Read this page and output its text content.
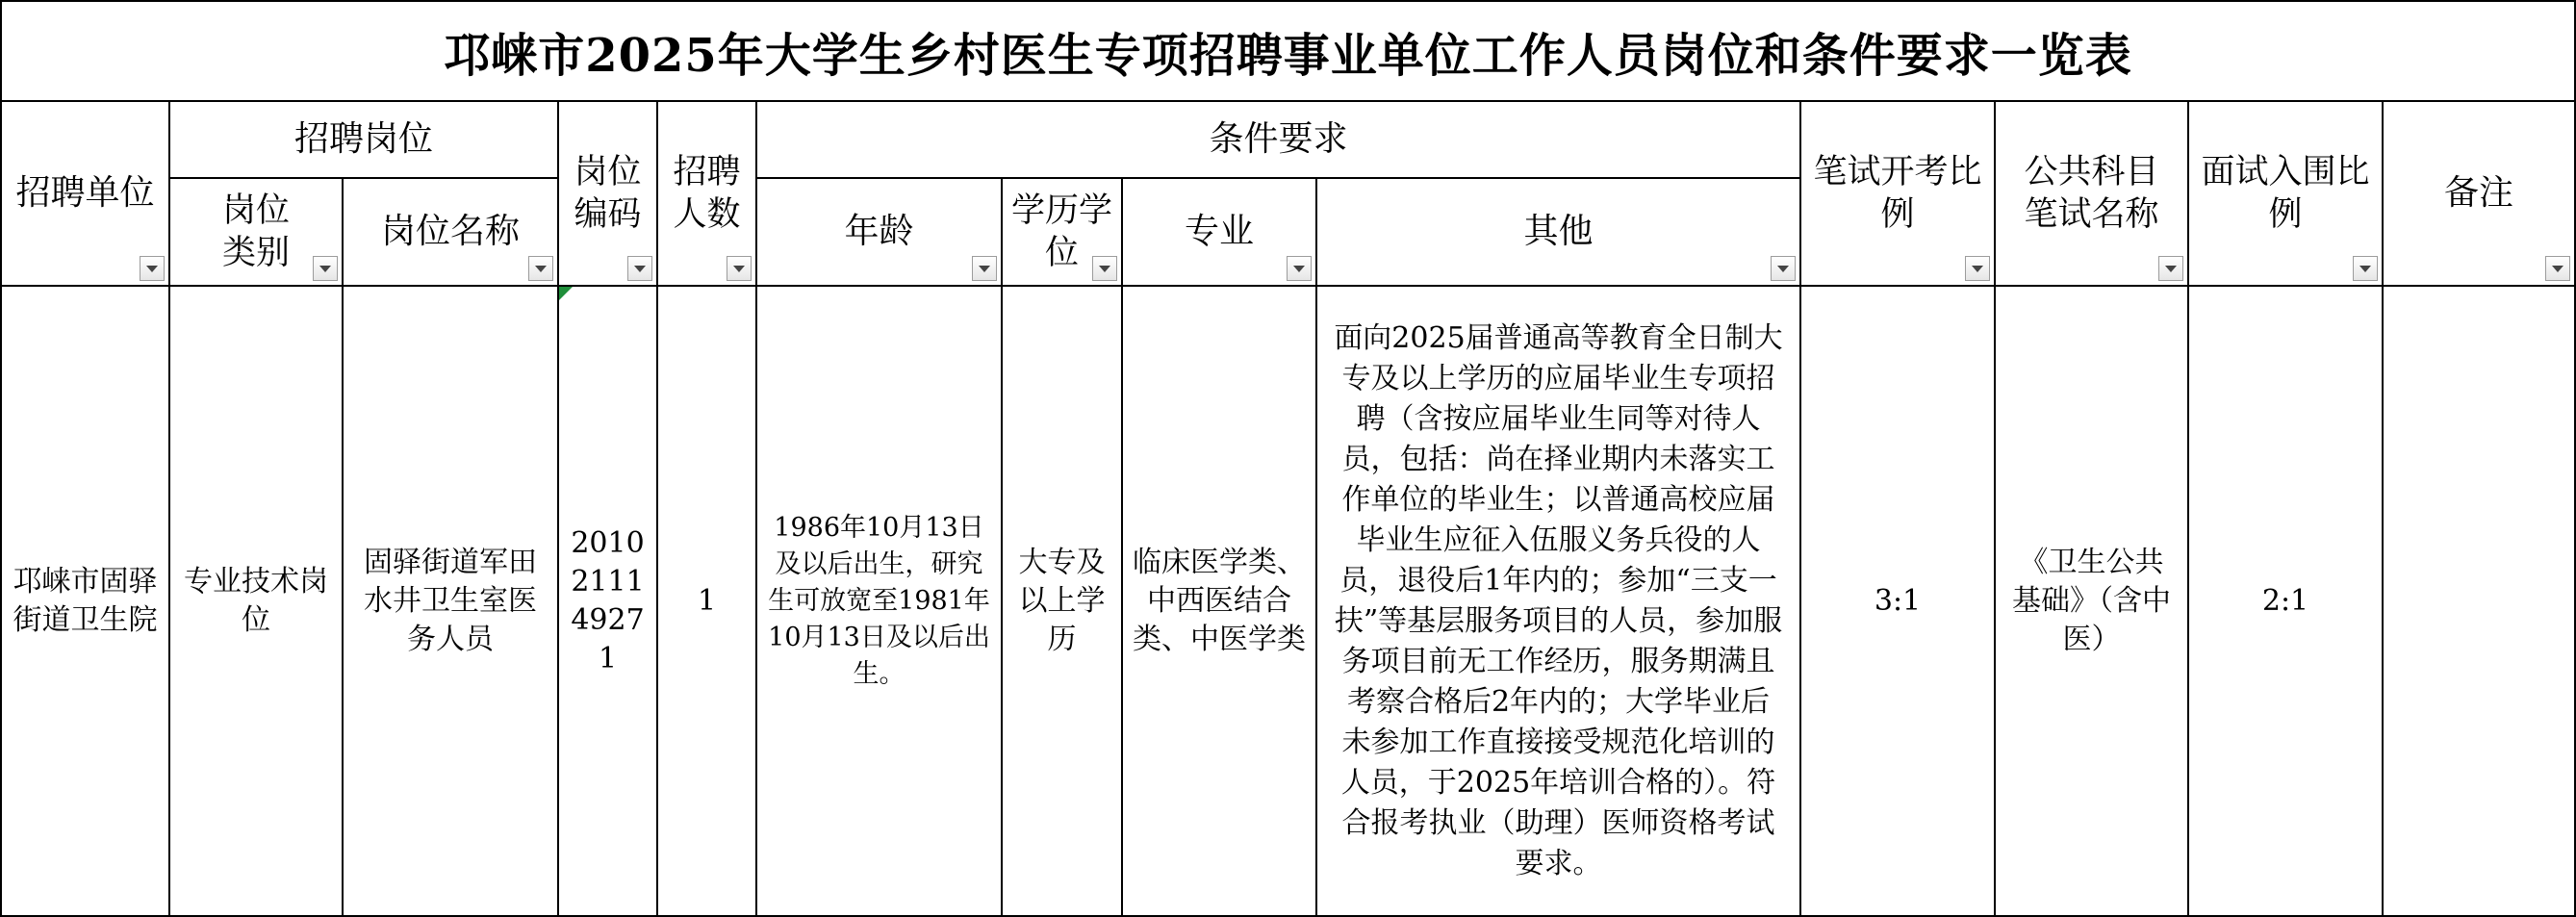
邛崃市2025年大学生乡村医生专项招聘事业单位工作人员岗位和条件要求一览表
招聘单位
招聘岗位
岗位类别
岗位名称
岗位编码
招聘人数
条件要求
年龄
学历学位
专业	其他
笔试开考比例
公共科目笔试名称
面试入围比例
备注
邛崃市固驿街道卫生院
专业技术岗位
固驿街道军田水井卫生室医务人员
2010211149271
1
1986年10月13日及以后出生，研究生可放宽至1981年10月13日及以后出生。
大专及以上学历
临床医学类、中西医结合类、中医学类
面向2025届普通高等教育全日制大专及以上学历的应届毕业生专项招聘（含按应届毕业生同等对待人员，包括：尚在择业期内未落实工作单位的毕业生；以普通高校应届毕业生应征入伍服义务兵役的人员，退役后1年内的；参加“三支一扶”等基层服务项目的人员，参加服务项目前无工作经历，服务期满且考察合格后2年内的；大学毕业后未参加工作直接接受规范化培训的人员，于2025年培训合格的）。符合报考执业（助理）医师资格考试要求。
3:1
《卫生公共基础》（含中医）
2:1
